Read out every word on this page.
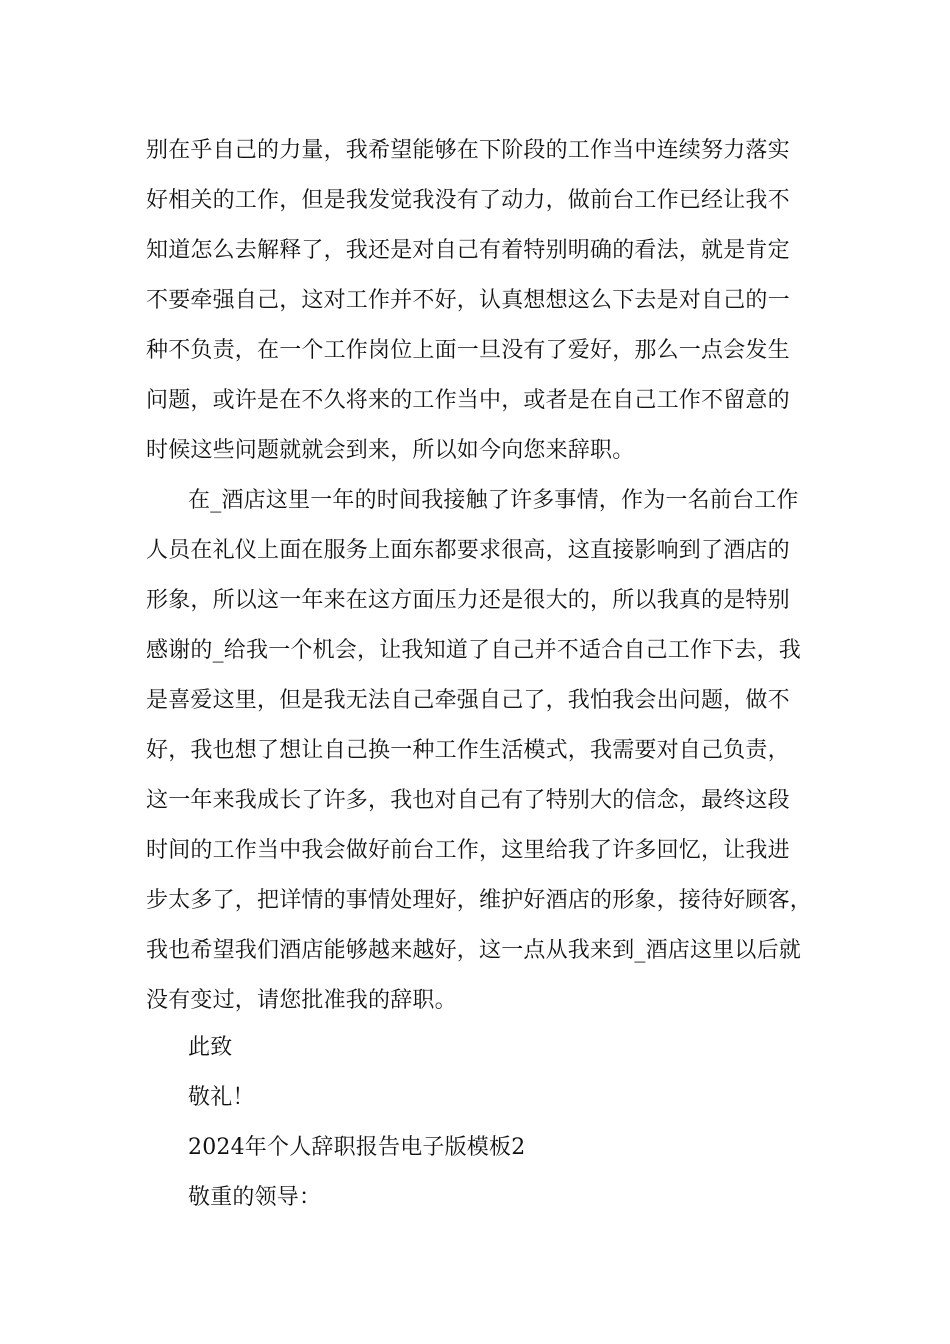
别在乎自己的力量，我希望能够在下阶段的工作当中连续努力落实
好相关的工作，但是我发觉我没有了动力，做前台工作已经让我不
知道怎么去解释了，我还是对自己有着特别明确的看法，就是肯定
不要牵强自己，这对工作并不好，认真想想这么下去是对自己的一
种不负责，在一个工作岗位上面一旦没有了爱好，那么一点会发生
问题，或许是在不久将来的工作当中，或者是在自己工作不留意的
时候这些问题就就会到来，所以如今向您来辞职。
在_酒店这里一年的时间我接触了许多事情，作为一名前台工作
人员在礼仪上面在服务上面东都要求很高，这直接影响到了酒店的
形象，所以这一年来在这方面压力还是很大的，所以我真的是特别
感谢的_给我一个机会，让我知道了自己并不适合自己工作下去，我
是喜爱这里，但是我无法自己牵强自己了，我怕我会出问题，做不
好，我也想了想让自己换一种工作生活模式，我需要对自己负责，
这一年来我成长了许多，我也对自己有了特别大的信念，最终这段
时间的工作当中我会做好前台工作，这里给我了许多回忆，让我进
步太多了，把详情的事情处理好，维护好酒店的形象，接待好顾客，
我也希望我们酒店能够越来越好，这一点从我来到_酒店这里以后就
没有变过，请您批准我的辞职。
此致
敬礼！
2024年个人辞职报告电子版模板2
敬重的领导：
